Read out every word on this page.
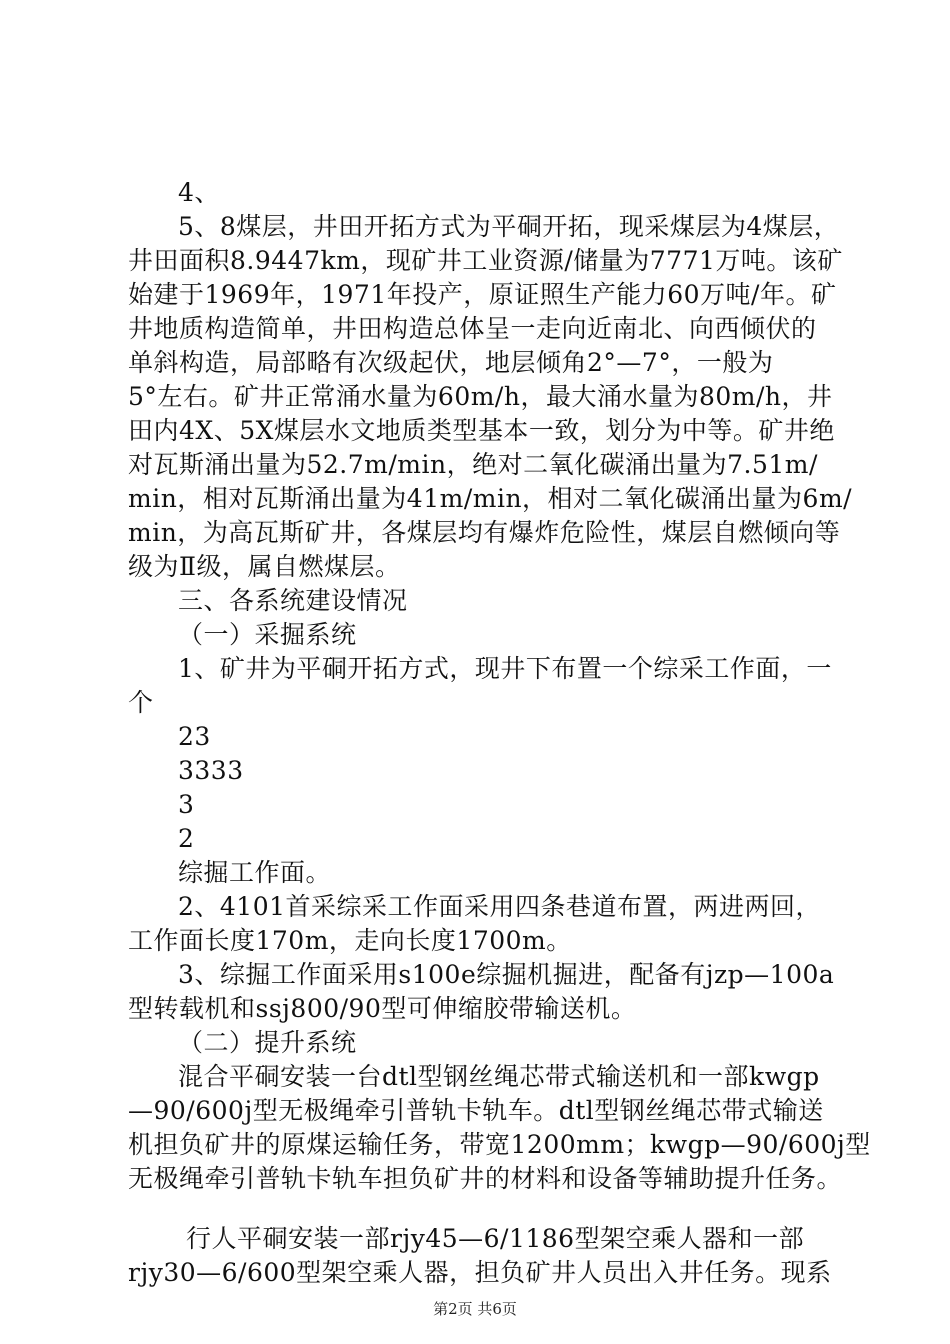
4、
5、8煤层，井田开拓方式为平硐开拓，现采煤层为4煤层，
井田面积8.9447km，现矿井工业资源/储量为7771万吨。该矿
始建于1969年，1971年投产，原证照生产能力60万吨/年。矿
井地质构造简单，井田构造总体呈一走向近南北、向西倾伏的
单斜构造，局部略有次级起伏，地层倾角2°—7°，一般为
5°左右。矿井正常涌水量为60m/h，最大涌水量为80m/h，井
田内4X、5X煤层水文地质类型基本一致，划分为中等。矿井绝
对瓦斯涌出量为52.7m/min，绝对二氧化碳涌出量为7.51m/
min，相对瓦斯涌出量为41m/min，相对二氧化碳涌出量为6m/
min，为高瓦斯矿井，各煤层均有爆炸危险性，煤层自燃倾向等
级为Ⅱ级，属自燃煤层。
三、各系统建设情况
（一）采掘系统
1、矿井为平硐开拓方式，现井下布置一个综采工作面，一
个
23
3333
3
2
综掘工作面。
2、4101首采综采工作面采用四条巷道布置，两进两回，
工作面长度170m，走向长度1700m。
3、综掘工作面采用s100e综掘机掘进，配备有jzp—100a
型转载机和ssj800/90型可伸缩胶带输送机。
（二）提升系统
混合平硐安装一台dtl型钢丝绳芯带式输送机和一部kwgp
—90/600j型无极绳牵引普轨卡轨车。dtl型钢丝绳芯带式输送
机担负矿井的原煤运输任务，带宽1200mm；kwgp—90/600j型
无极绳牵引普轨卡轨车担负矿井的材料和设备等辅助提升任务。
行人平硐安装一部rjy45—6/1186型架空乘人器和一部
rjy30—6/600型架空乘人器，担负矿井人员出入井任务。现系
第2页 共6页
